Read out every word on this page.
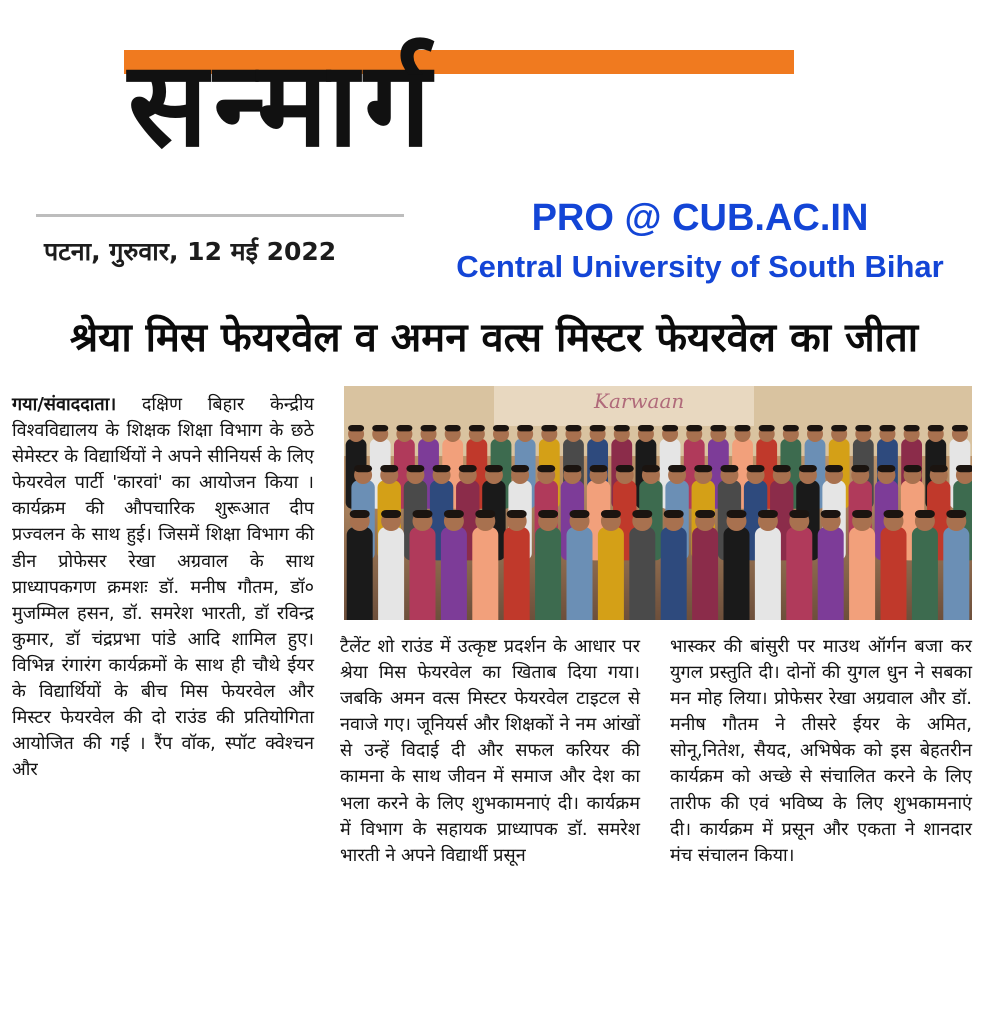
सन्मार्ग
पटना, गुरुवार, 12 मई 2022
PRO @ CUB.AC.IN
Central University of South Bihar
श्रेया मिस फेयरवेल व अमन वत्स मिस्टर फेयरवेल का जीता
गया/संवाददाता। दक्षिण बिहार केन्द्रीय विश्वविद्यालय के शिक्षक शिक्षा विभाग के छठे सेमेस्टर के विद्यार्थियों ने अपने सीनियर्स के लिए फेयरवेल पार्टी 'कारवां' का आयोजन किया । कार्यक्रम की औपचारिक शुरूआत दीप प्रज्वलन के साथ हुई। जिसमें शिक्षा विभाग की डीन प्रोफेसर रेखा अग्रवाल के साथ प्राध्यापकगण क्रमशः डॉ. मनीष गौतम, डॉ० मुजम्मिल हसन, डॉ. समरेश भारती, डॉ रविन्द्र कुमार, डॉ चंद्रप्रभा पांडे आदि शामिल हुए।विभिन्न रंगारंग कार्यक्रमों के साथ ही चौथे ईयर के विद्यार्थियों के बीच मिस फेयरवेल और मिस्टर फेयरवेल की दो राउंड की प्रतियोगिता आयोजित की गई । रैंप वॉक, स्पॉट क्वेश्चन और
Karwaan
टैलेंट शो राउंड में उत्कृष्ट प्रदर्शन के आधार पर श्रेया मिस फेयरवेल का खिताब दिया गया। जबकि अमन वत्स मिस्टर फेयरवेल टाइटल से नवाजे गए। जूनियर्स और शिक्षकों ने नम आंखों से उन्हें विदाई दी और सफल करियर की कामना के साथ जीवन में समाज और देश का भला करने के लिए शुभकामनाएं दी। कार्यक्रम में विभाग के सहायक प्राध्यापक डॉ. समरेश भारती ने अपने विद्यार्थी प्रसून
भास्कर की बांसुरी पर माउथ ऑर्गन बजा कर युगल प्रस्तुति दी। दोनों की युगल धुन ने सबका मन मोह लिया। प्रोफेसर रेखा अग्रवाल और डॉ. मनीष गौतम ने तीसरे ईयर के अमित, सोनू,नितेश, सैयद, अभिषेक को इस बेहतरीन कार्यक्रम को अच्छे से संचालित करने के लिए तारीफ की एवं भविष्य के लिए शुभकामनाएं दी। कार्यक्रम में प्रसून और एकता ने शानदार मंच संचालन किया।
